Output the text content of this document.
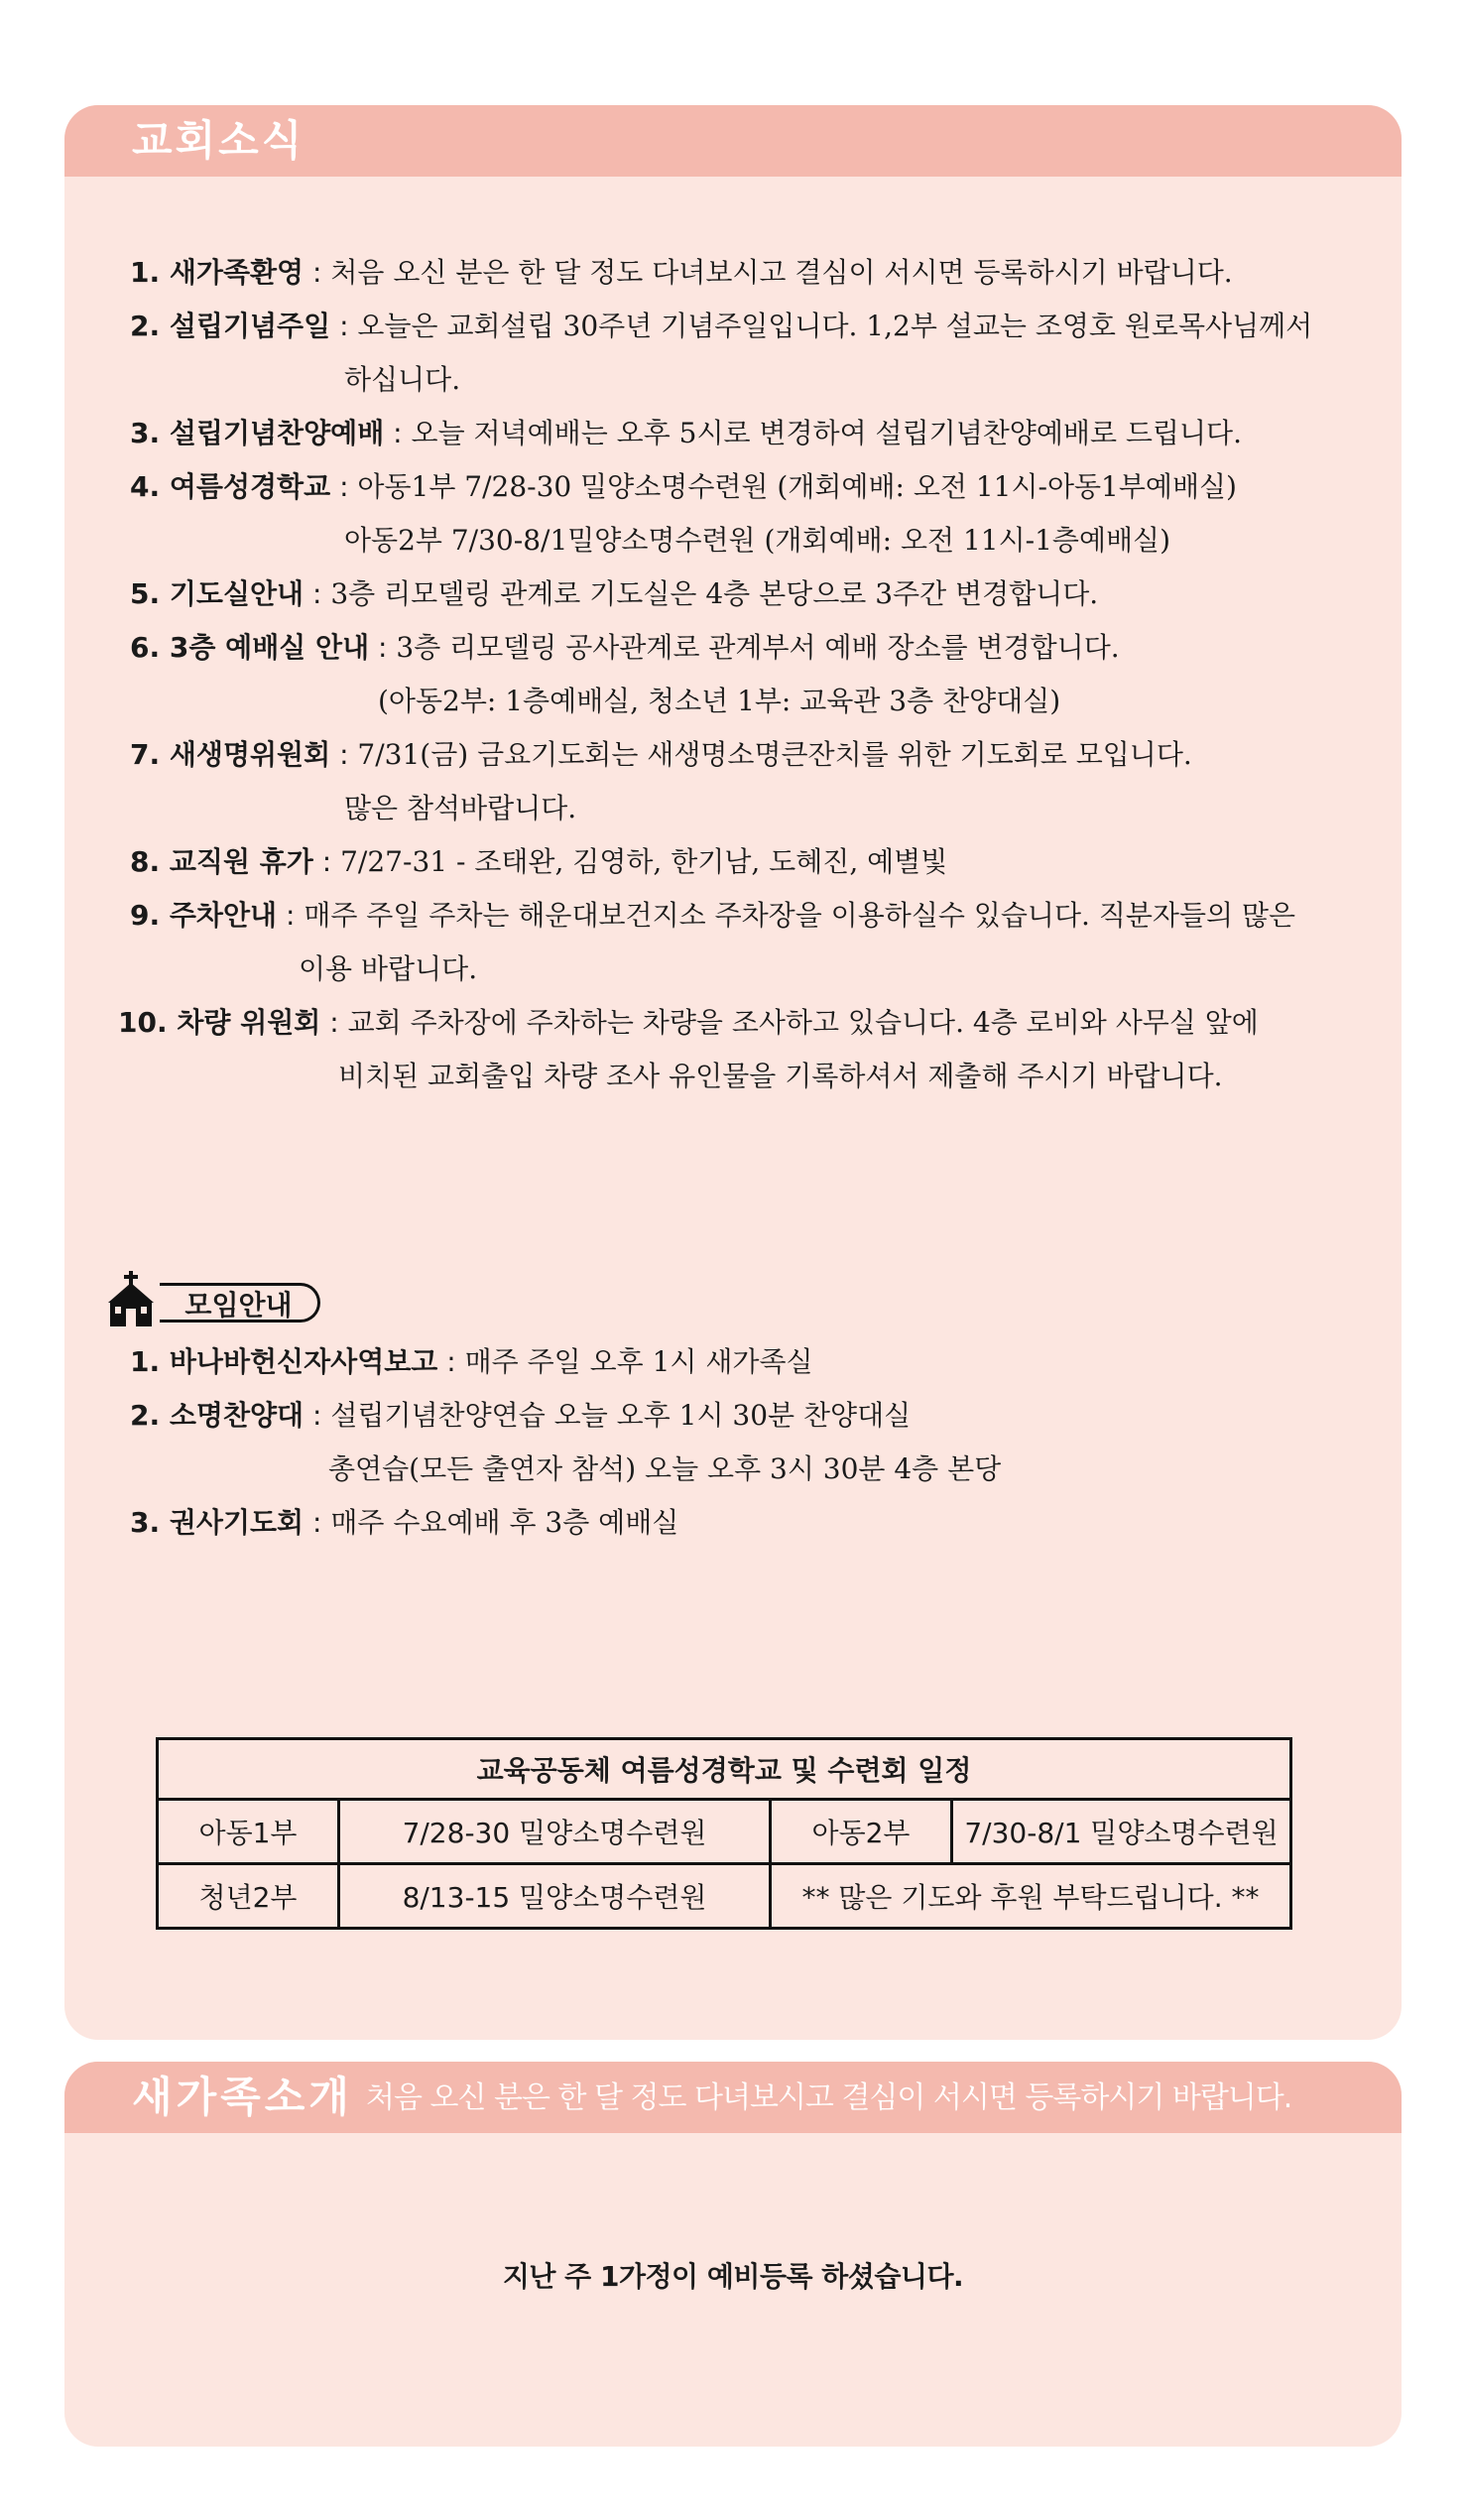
교회소식
1. 새가족환영 : 처음 오신 분은 한 달 정도 다녀보시고 결심이 서시면 등록하시기 바랍니다.
2. 설립기념주일 : 오늘은 교회설립 30주년 기념주일입니다. 1,2부 설교는 조영호 원로목사님께서
하십니다.
3. 설립기념찬양예배 : 오늘 저녁예배는 오후 5시로 변경하여 설립기념찬양예배로 드립니다.
4. 여름성경학교 : 아동1부 7/28-30 밀양소명수련원 (개회예배: 오전 11시-아동1부예배실)
아동2부 7/30-8/1밀양소명수련원 (개회예배: 오전 11시-1층예배실)
5. 기도실안내 : 3층 리모델링 관계로 기도실은 4층 본당으로 3주간 변경합니다.
6. 3층 예배실 안내 : 3층 리모델링 공사관계로 관계부서 예배 장소를 변경합니다.
(아동2부: 1층예배실, 청소년 1부: 교육관 3층 찬양대실)
7. 새생명위원회 : 7/31(금) 금요기도회는 새생명소명큰잔치를 위한 기도회로 모입니다.
많은 참석바랍니다.
8. 교직원 휴가 : 7/27-31 - 조태완, 김영하, 한기남, 도혜진, 예별빛
9. 주차안내 : 매주 주일 주차는 해운대보건지소 주차장을 이용하실수 있습니다. 직분자들의 많은
이용 바랍니다.
10. 차량 위원회 : 교회 주차장에 주차하는 차량을 조사하고 있습니다. 4층 로비와 사무실 앞에
비치된 교회출입 차량 조사 유인물을 기록하셔서 제출해 주시기 바랍니다.
모임안내
1. 바나바헌신자사역보고 : 매주 주일 오후 1시 새가족실
2. 소명찬양대 : 설립기념찬양연습 오늘 오후 1시 30분 찬양대실
총연습(모든 출연자 참석) 오늘 오후 3시 30분 4층 본당
3. 권사기도회 : 매주 수요예배 후 3층 예배실
교육공동체 여름성경학교 및 수련회 일정			
아동1부	7/28-30 밀양소명수련원	아동2부	7/30-8/1 밀양소명수련원
청년2부	8/13-15 밀양소명수련원	** 많은 기도와 후원 부탁드립니다. **	
새가족소개 처음 오신 분은 한 달 정도 다녀보시고 결심이 서시면 등록하시기 바랍니다.
지난 주 1가정이 예비등록 하셨습니다.
